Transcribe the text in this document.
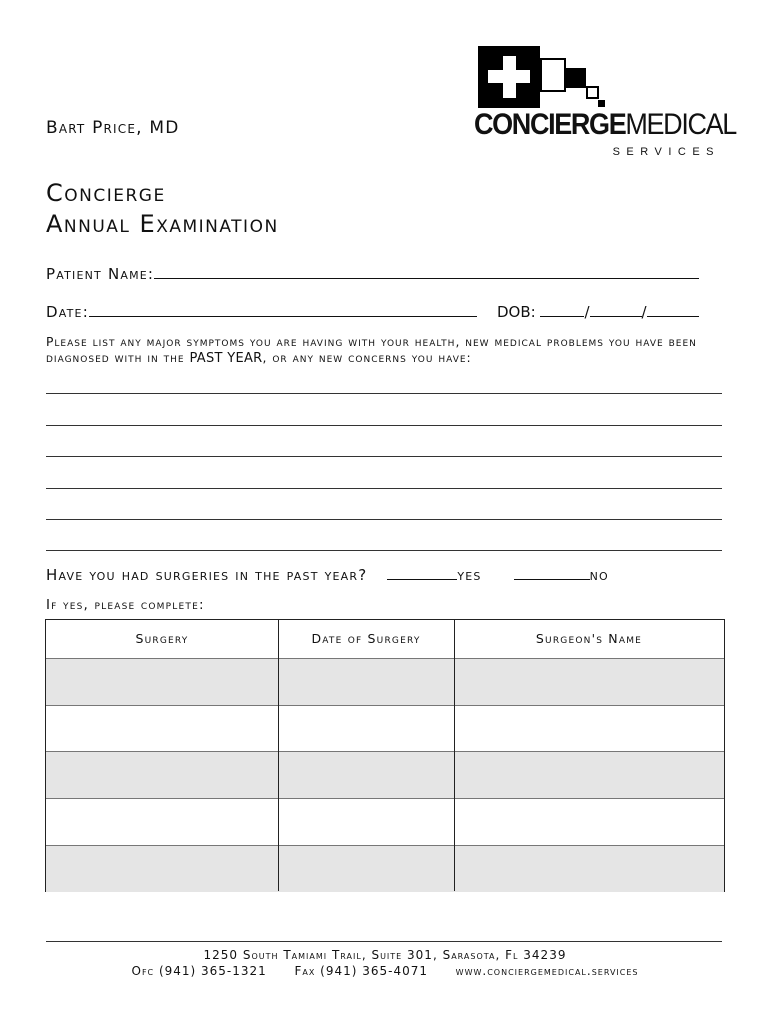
Bart Price, MD	CONCIERGEMEDICAL
SERVICES
Concierge
Annual Examination
Patient Name:
Date:	DOB:	/	/
Please list any major symptoms you are having with your health, new medical problems you have been diagnosed with in the PAST YEAR, or any new concerns you have:
Have you had surgeries in the past year?	yes	no
If yes, please complete:
Surgery	Date of Surgery	Surgeon's Name
1250 South Tamiami Trail, Suite 301, Sarasota, Fl 34239
Ofc (941) 365-1321 Fax (941) 365-4071 www.conciergemedical.services
